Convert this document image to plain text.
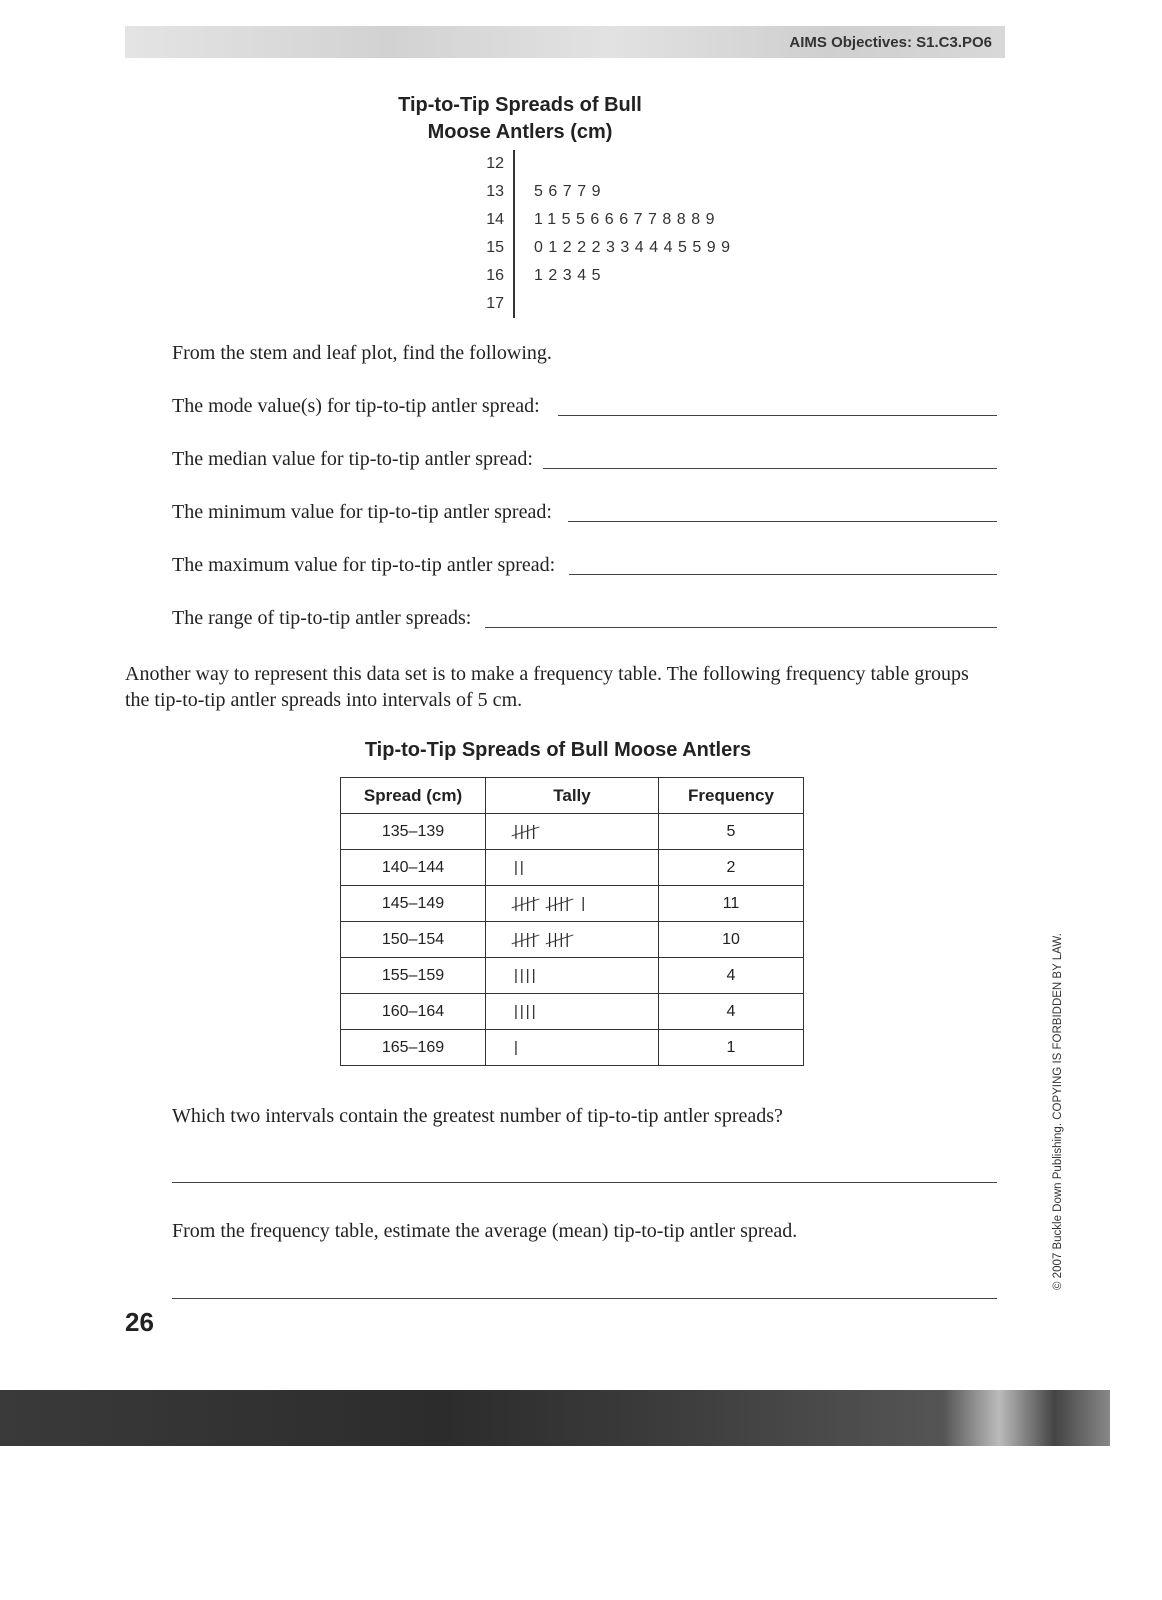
AIMS Objectives: S1.C3.PO6
Tip-to-Tip Spreads of Bull
Moose Antlers (cm)
12
13	56779
14	1155666778889
15	01222334445599
16	12345
17
From the stem and leaf plot, find the following.
The mode value(s) for tip-to-tip antler spread:
The median value for tip-to-tip antler spread:
The minimum value for tip-to-tip antler spread:
The maximum value for tip-to-tip antler spread:
The range of tip-to-tip antler spreads:
Another way to represent this data set is to make a frequency table. The following frequency table groups the tip-to-tip antler spreads into intervals of 5 cm.
Tip-to-Tip Spreads of Bull Moose Antlers
Spread (cm)	Tally	Frequency
135–139	||||	5
140–144	||	2
145–149	|||| |||| |	11
150–154	|||| ||||	10
155–159	||||	4
160–164	||||	4
165–169	|	1
Which two intervals contain the greatest number of tip-to-tip antler spreads?
From the frequency table, estimate the average (mean) tip-to-tip antler spread.	© 2007 Buckle Down Publishing. COPYING IS FORBIDDEN BY LAW.
26
